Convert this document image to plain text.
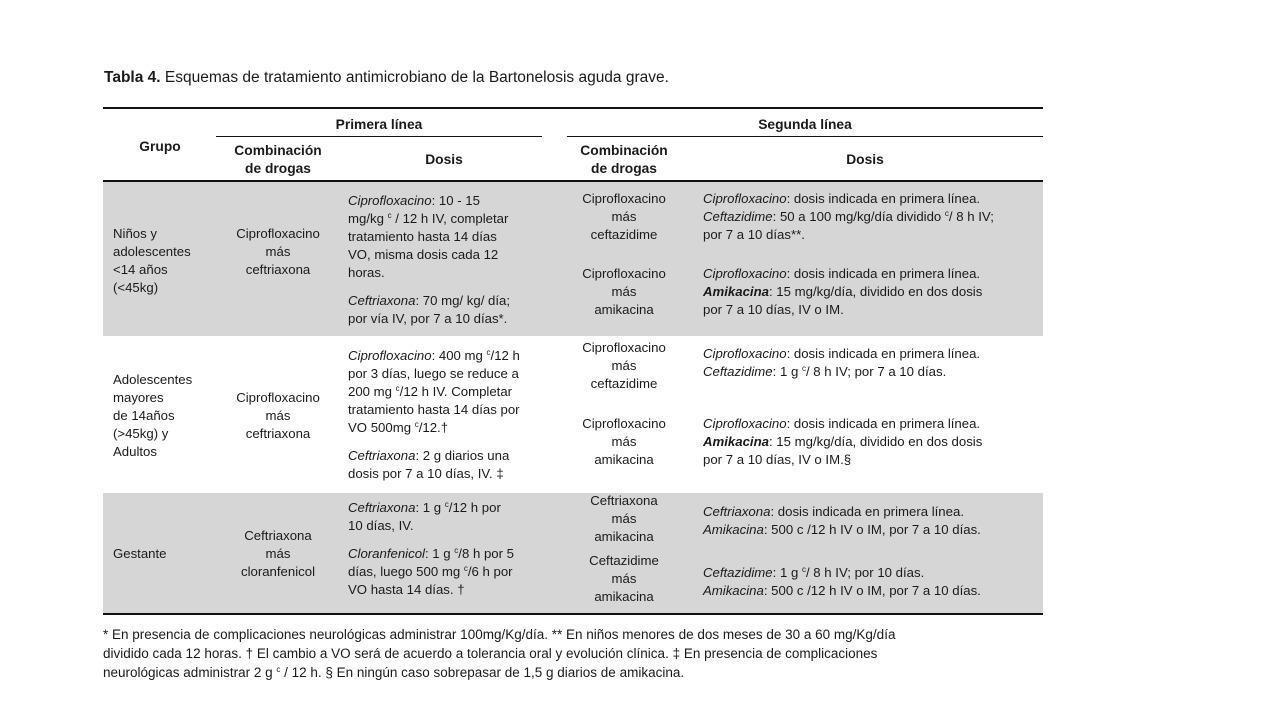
Tabla 4. Esquemas de tratamiento antimicrobiano de la Bartonelosis aguda grave.
Grupo
Primera línea	Segunda línea
Combinación
de drogas
Dosis
Combinación
de drogas
Dosis
Niños y
adolescentes
<14 años
(<45kg)
Ciprofloxacino
más
ceftriaxona
Ciprofloxacino: 10 - 15
mg/kg $^c$ / 12 h IV, completar
tratamiento hasta 14 días
VO, misma dosis cada 12
horas.
Ceftriaxona: 70 mg/ kg/ día;
por vía IV, por 7 a 10 días*.
Ciprofloxacino
más
ceftazidime
Ciprofloxacino: dosis indicada en primera línea.
Ceftazidime: 50 a 100 mg/kg/día dividido $^c$/ 8 h IV;
por 7 a 10 días**.
Ciprofloxacino
más
amikacina
Ciprofloxacino: dosis indicada en primera línea.
Amikacina: 15 mg/kg/día, dividido en dos dosis
por 7 a 10 días, IV o IM.
Adolescentes
mayores
de 14años
(>45kg) y
Adultos
Ciprofloxacino
más
ceftriaxona
Ciprofloxacino: 400 mg $^c$/12 h
por 3 días, luego se reduce a
200 mg $^c$/12 h IV. Completar
tratamiento hasta 14 días por
VO 500mg $^c$/12.†
Ceftriaxona: 2 g diarios una
dosis por 7 a 10 días, IV. ‡
Ciprofloxacino
más
ceftazidime
Ciprofloxacino: dosis indicada en primera línea.
Ceftazidime: 1 g $^c$/ 8 h IV; por 7 a 10 días.
Ciprofloxacino
más
amikacina
Ciprofloxacino: dosis indicada en primera línea.
Amikacina: 15 mg/kg/día, dividido en dos dosis
por 7 a 10 días, IV o IM.§
Gestante
Ceftriaxona
más
cloranfenicol
Ceftriaxona: 1 g $^c$/12 h por
10 días, IV.
Cloranfenicol: 1 g $^c$/8 h por 5
días, luego 500 mg $^c$/6 h por
VO hasta 14 días. †
Ceftriaxona
más
amikacina
Ceftriaxona: dosis indicada en primera línea.
Amikacina: 500 c /12 h IV o IM, por 7 a 10 días.
Ceftazidime
más
amikacina
Ceftazidime: 1 g $^c$/ 8 h IV; por 10 días.
Amikacina: 500 c /12 h IV o IM, por 7 a 10 días.
* En presencia de complicaciones neurológicas administrar 100mg/Kg/día. ** En niños menores de dos meses de 30 a 60 mg/Kg/día
dividido cada 12 horas. † El cambio a VO será de acuerdo a tolerancia oral y evolución clínica. ‡ En presencia de complicaciones
neurológicas administrar 2 g $^c$ / 12 h. § En ningún caso sobrepasar de 1,5 g diarios de amikacina.
